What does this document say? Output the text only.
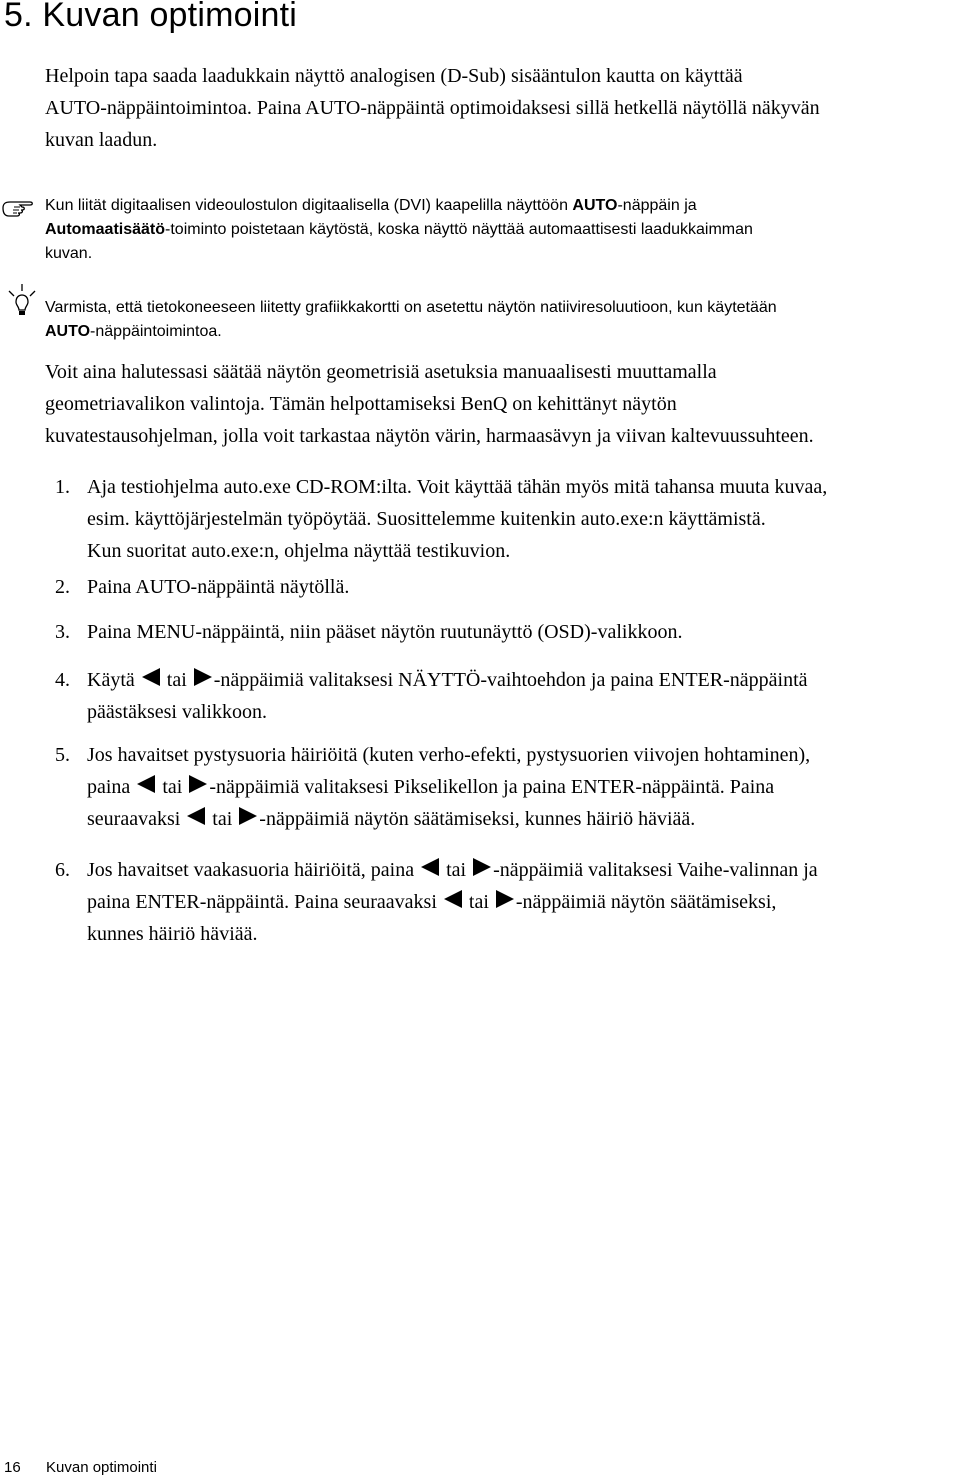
5. Kuvan optimointi

Helpoin tapa saada laadukkain näyttö analogisen (D-Sub) sisääntulon kautta on käyttää
AUTO-näppäintoimintoa. Paina AUTO-näppäintä optimoidaksesi sillä hetkellä näytöllä näkyvän
kuvan laadun.

Kun liität digitaalisen videoulostulon digitaalisella (DVI) kaapelilla näyttöön AUTO-näppäin ja
Automaatisäätö-toiminto poistetaan käytöstä, koska näyttö näyttää automaattisesti laadukkaimman
kuvan.

Varmista, että tietokoneeseen liitetty grafiikkakortti on asetettu näytön natiiviresoluutioon, kun käytetään
AUTO-näppäintoimintoa.

Voit aina halutessasi säätää näytön geometrisiä asetuksia manuaalisesti muuttamalla
geometriavalikon valintoja. Tämän helpottamiseksi BenQ on kehittänyt näytön
kuvatestausohjelman, jolla voit tarkastaa näytön värin, harmaasävyn ja viivan kaltevuussuhteen.

1. Aja testiohjelma auto.exe CD-ROM:ilta. Voit käyttää tähän myös mitä tahansa muuta kuvaa,
esim. käyttöjärjestelmän työpöytää. Suosittelemme kuitenkin auto.exe:n käyttämistä.
Kun suoritat auto.exe:n, ohjelma näyttää testikuvion.
2. Paina AUTO-näppäintä näytöllä.
3. Paina MENU-näppäintä, niin pääset näytön ruutunäyttö (OSD)-valikkoon.
4. Käytä  tai -näppäimiä valitaksesi NÄYTTÖ-vaihtoehdon ja paina ENTER-näppäintä
päästäksesi valikkoon.
5. Jos havaitset pystysuoria häiriöitä (kuten verho-efekti, pystysuorien viivojen hohtaminen),
paina  tai -näppäimiä valitaksesi Pikselikellon ja paina ENTER-näppäintä. Paina
seuraavaksi  tai -näppäimiä näytön säätämiseksi, kunnes häiriö häviää.
6. Jos havaitset vaakasuoria häiriöitä, paina  tai -näppäimiä valitaksesi Vaihe-valinnan ja
paina ENTER-näppäintä. Paina seuraavaksi  tai -näppäimiä näytön säätämiseksi,
kunnes häiriö häviää.
16 Kuvan optimointi
